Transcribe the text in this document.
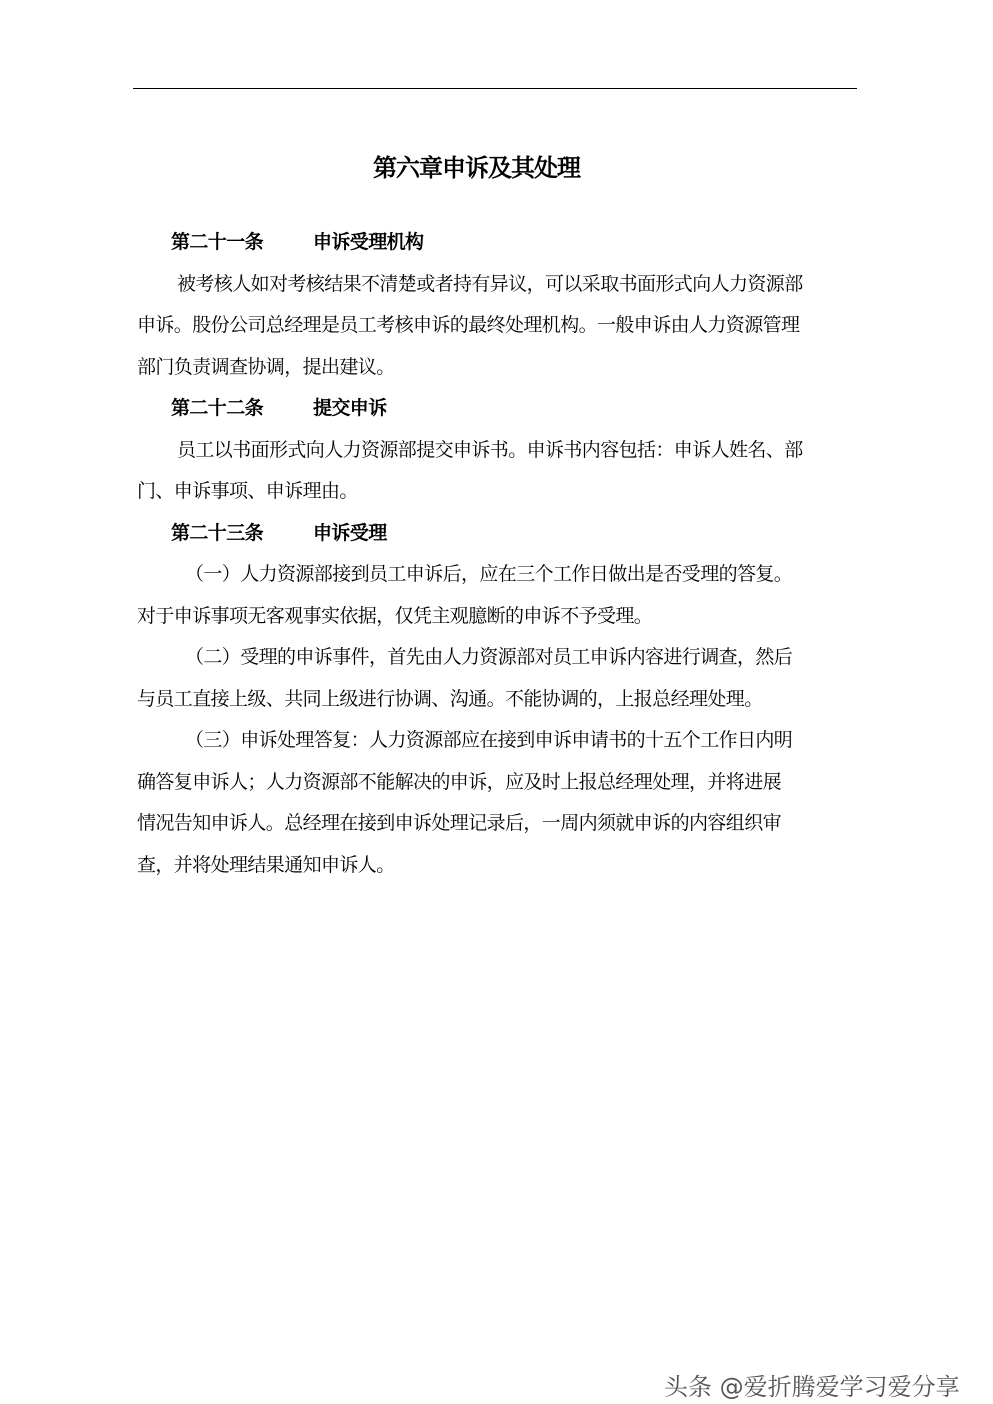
第六章申诉及其处理
第二十一条	申诉受理机构
被考核人如对考核结果不清楚或者持有异议，可以采取书面形式向人力资源部
申诉。股份公司总经理是员工考核申诉的最终处理机构。一般申诉由人力资源管理
部门负责调查协调，提出建议。
第二十二条	提交申诉
员工以书面形式向人力资源部提交申诉书。申诉书内容包括：申诉人姓名、部
门、申诉事项、申诉理由。
第二十三条	申诉受理
（一）人力资源部接到员工申诉后，应在三个工作日做出是否受理的答复。
对于申诉事项无客观事实依据，仅凭主观臆断的申诉不予受理。
（二）受理的申诉事件，首先由人力资源部对员工申诉内容进行调查，然后
与员工直接上级、共同上级进行协调、沟通。不能协调的，上报总经理处理。
（三）申诉处理答复：人力资源部应在接到申诉申请书的十五个工作日内明
确答复申诉人；人力资源部不能解决的申诉，应及时上报总经理处理，并将进展
情况告知申诉人。总经理在接到申诉处理记录后，一周内须就申诉的内容组织审
查，并将处理结果通知申诉人。
头条 @爱折腾爱学习爱分享
